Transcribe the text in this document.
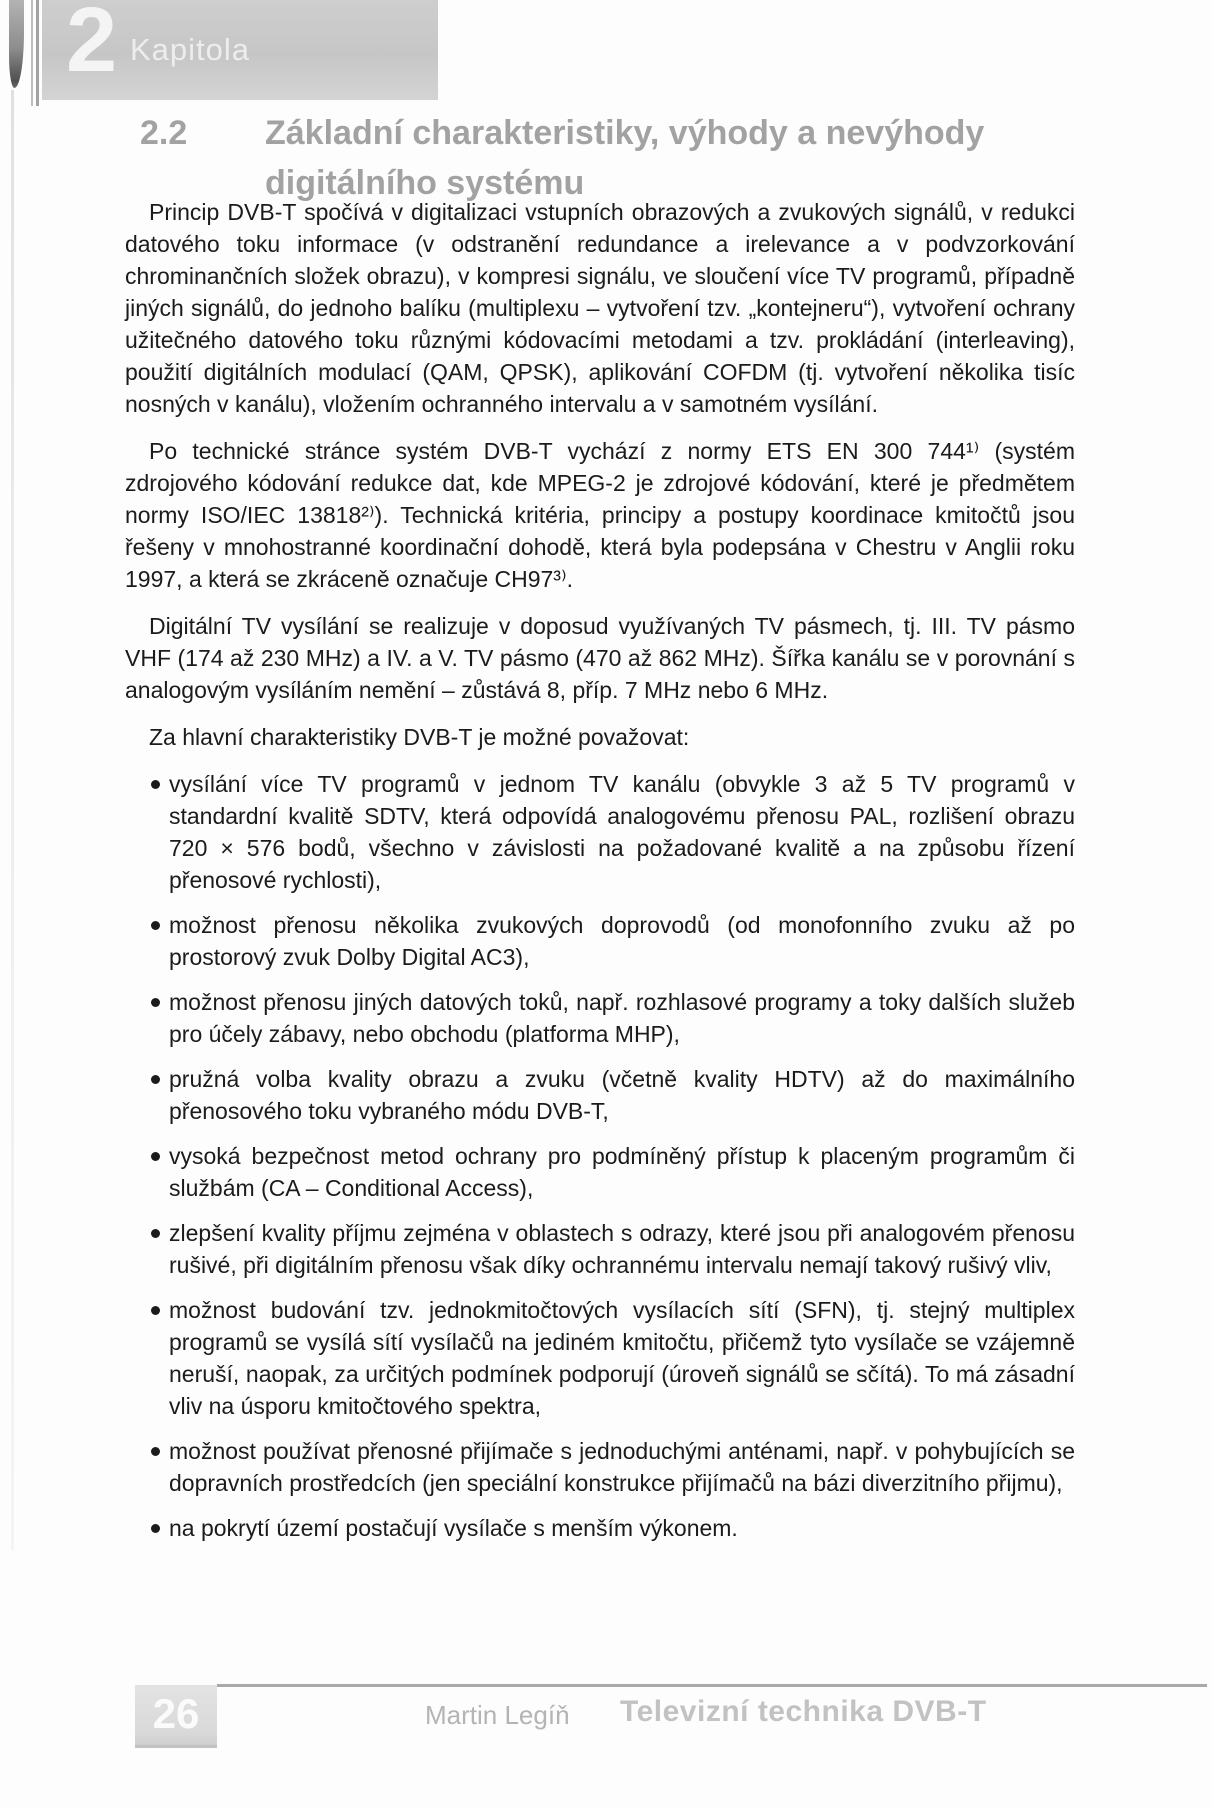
2 Kapitola
2.2	Základní charakteristiky, výhody a nevýhody
digitálního systému

Princip DVB-T spočívá v digitalizaci vstupních obrazových a zvukových signálů, v redukci datového toku informace (v odstranění redundance a irelevance a v podvzorkování chrominančních složek obrazu), v kompresi signálu, ve sloučení více TV programů, případně jiných signálů, do jednoho balíku (multiplexu – vytvoření tzv. „kontejneru“), vytvoření ochrany užitečného datového toku různými kódovacími metodami a tzv. prokládání (interleaving), použití digitálních modulací (QAM, QPSK), aplikování COFDM (tj. vytvoření několika tisíc nosných v kanálu), vložením ochranného intervalu a v samotném vysílání.

Po technické stránce systém DVB-T vychází z normy ETS EN 300 744¹⁾ (systém zdrojového kódování redukce dat, kde MPEG-2 je zdrojové kódování, které je předmětem normy ISO/IEC 13818²⁾). Technická kritéria, principy a postupy koordinace kmitočtů jsou řešeny v mnohostranné koordinační dohodě, která byla podepsána v Chestru v Anglii roku 1997, a která se zkráceně označuje CH97³⁾.

Digitální TV vysílání se realizuje v doposud využívaných TV pásmech, tj. III. TV pásmo VHF (174 až 230 MHz) a IV. a V. TV pásmo (470 až 862 MHz). Šířka kanálu se v porovnání s analogovým vysíláním nemění – zůstává 8, příp. 7 MHz nebo 6 MHz.

Za hlavní charakteristiky DVB-T je možné považovat:

vysílání více TV programů v jednom TV kanálu (obvykle 3 až 5 TV programů v standardní kvalitě SDTV, která odpovídá analogovému přenosu PAL, rozlišení obrazu 720 × 576 bodů, všechno v závislosti na požadované kvalitě a na způsobu řízení přenosové rychlosti),
možnost přenosu několika zvukových doprovodů (od monofonního zvuku až po prostorový zvuk Dolby Digital AC3),
možnost přenosu jiných datových toků, např. rozhlasové programy a toky dalších služeb pro účely zábavy, nebo obchodu (platforma MHP),
pružná volba kvality obrazu a zvuku (včetně kvality HDTV) až do maximálního přenosového toku vybraného módu DVB-T,
vysoká bezpečnost metod ochrany pro podmíněný přístup k placeným programům či službám (CA – Conditional Access),
zlepšení kvality příjmu zejména v oblastech s odrazy, které jsou při analogovém přenosu rušivé, při digitálním přenosu však díky ochrannému intervalu nemají takový rušivý vliv,
možnost budování tzv. jednokmitočtových vysílacích sítí (SFN), tj. stejný multiplex programů se vysílá sítí vysílačů na jediném kmitočtu, přičemž tyto vysílače se vzájemně neruší, naopak, za určitých podmínek podporují (úroveň signálů se sčítá). To má zásadní vliv na úsporu kmitočtového spektra,
možnost používat přenosné přijímače s jednoduchými anténami, např. v pohybujících se dopravních prostředcích (jen speciální konstrukce přijímačů na bázi diverzitního přijmu),
na pokrytí území postačují vysílače s menším výkonem.
26	Martin Legíň Televizní technika DVB-T
